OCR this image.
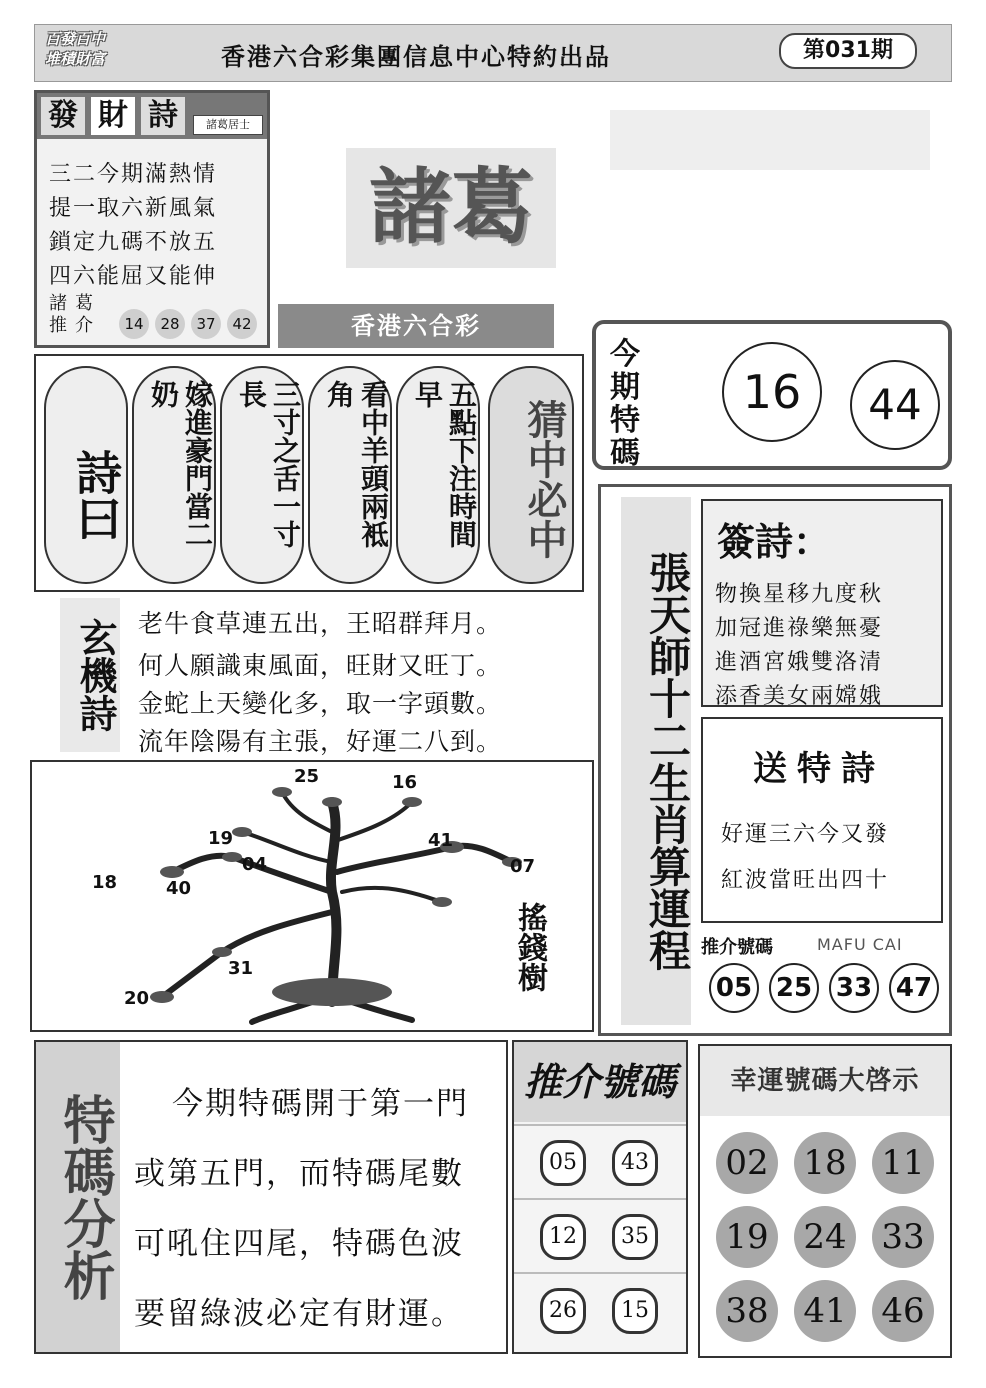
百發百中
堆積財富	香港六合彩集團信息中心特約出品	第031期
發 財 詩	諸葛居士
三二今期滿熱情
提一取六新風氣
鎖定九碼不放五
四六能屈又能伸
諸葛推介	14	28	37	42
諸葛
香港六合彩
今期特碼
16	44
詩曰	嫁進豪門當二奶	三寸之舌一寸長	看中羊頭兩袛角	五點下注時間早
猜中必中
玄機詩 老牛食草連五出，王昭群拜月。
何人願識東風面，旺財又旺丁。
金蛇上天變化多，取一字頭數。
流年陰陽有主張，好運二八到。
25	16
19	41
04	07
18	40
31
20
搖錢樹	張天師十二生肖算運程
簽詩：
物換星移九度秋
加冠進祿樂無憂
進酒宮娥雙洛清
添香美女兩嫦娥
送特詩
好運三六今又發
紅波當旺出四十
推介號碼	MAFU CAI
05 25 33 47
特碼分析 今期特碼開于第一門
或第五門，而特碼尾數
可吼住四尾，特碼色波
要留綠波必定有財運。
推介號碼
05	43
12	35
26	15
幸運號碼大啓示
02 18 11
19 24 33
38 41 46
